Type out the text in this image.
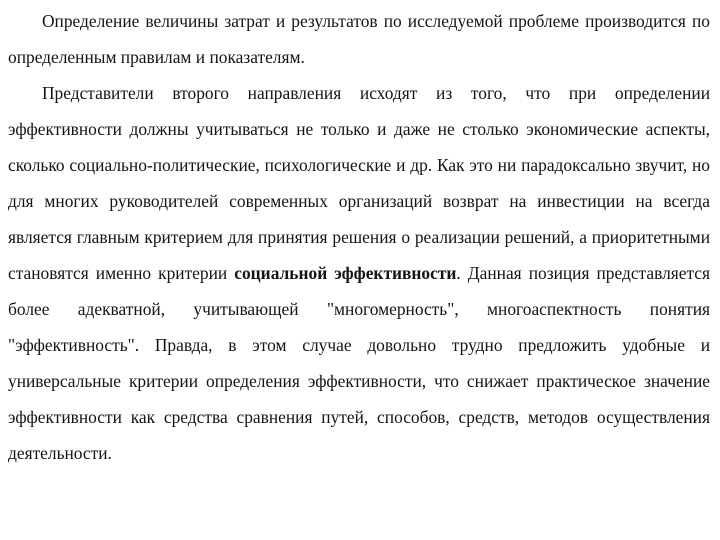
Определение величины затрат и результатов по исследуемой проблеме производится по определенным правилам и показателям.

Представители второго направления исходят из того, что при определении эффективности должны учитываться не только и даже не столько экономические аспекты, сколько социально-политические, психологические и др. Как это ни парадоксально звучит, но для многих руководителей современных организаций возврат на инвестиции на всегда является главным критерием для принятия решения о реализации решений, а приоритетными становятся именно критерии социальной эффективности. Данная позиция представляется более адекватной, учитывающей "многомерность", многоаспектность понятия "эффективность". Правда, в этом случае довольно трудно предложить удобные и универсальные критерии определения эффективности, что снижает практическое значение эффективности как средства сравнения путей, способов, средств, методов осуществления деятельности.
